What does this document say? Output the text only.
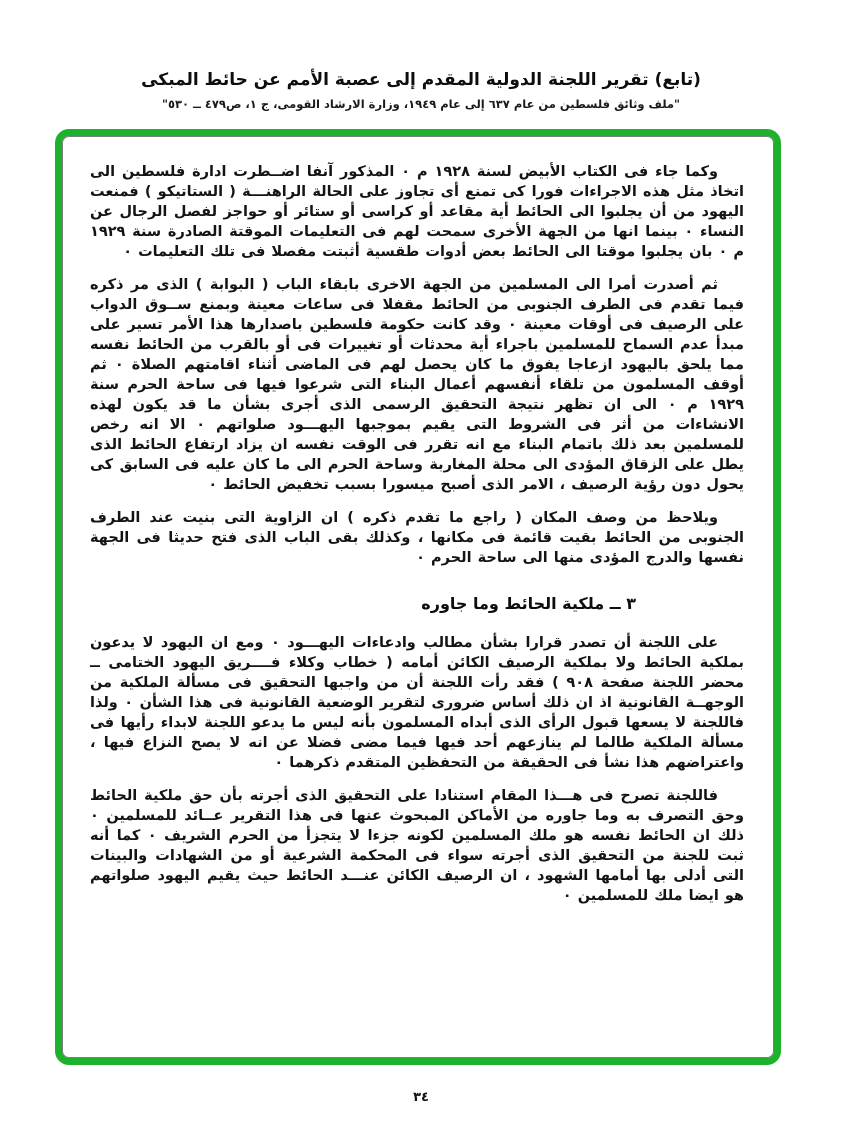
(تابع) تقرير اللجنة الدولية المقدم إلى عصبة الأمم عن حائط المبكى
"ملف وثائق فلسطين من عام ٦٣٧ إلى عام ١٩٤٩، وزارة الارشاد القومى، ج ١، ص٤٧٩ ــ ٥٣٠"

وكما جاء فى الكتاب الأبيض لسنة ١٩٢٨ م ٠ المذكور آنفا اضــطرت ادارة فلسطين الى اتخاذ مثل هذه الاجراءات فورا كى تمنع أى تجاوز على الحالة الراهنـــة ( الستاتيكو ) فمنعت اليهود من أن يجلبوا الى الحائط أية مقاعد أو كراسى أو ستائر أو حواجز لفصل الرجال عن النساء ٠ بينما انها من الجهة الأخرى سمحت لهم فى التعليمات الموقتة الصادرة سنة ١٩٢٩ م ٠ بان يجلبوا موقتا الى الحائط بعض أدوات طقسية أثبتت مفصلا فى تلك التعليمات ٠

ثم أصدرت أمرا الى المسلمين من الجهة الاخرى بابقاء الباب ( البوابة ) الذى مر ذكره فيما تقدم فى الطرف الجنوبى من الحائط مقفلا فى ساعات معينة وبمنع ســوق الدواب على الرصيف فى أوقات معينة ٠ وقد كانت حكومة فلسطين باصدارها هذا الأمر تسير على مبدأ عدم السماح للمسلمين باجراء أية محدثات أو تغييرات فى أو بالقرب من الحائط نفسه مما يلحق باليهود ازعاجا يفوق ما كان يحصل لهم فى الماضى أثناء اقامتهم الصلاة ٠ ثم أوقف المسلمون من تلقاء أنفسهم أعمال البناء التى شرعوا فيها فى ساحة الحرم سنة ١٩٢٩ م ٠ الى ان تظهر نتيجة التحقيق الرسمى الذى أجرى بشأن ما قد يكون لهذه الانشاءات من أثر فى الشروط التى يقيم بموجبها اليهـــود صلواتهم ٠ الا انه رخص للمسلمين بعد ذلك باتمام البناء مع انه تقرر فى الوقت نفسه ان يزاد ارتفاع الحائط الذى يطل على الزقاق المؤدى الى محلة المغاربة وساحة الحرم الى ما كان عليه فى السابق كى يحول دون رؤية الرصيف ، الامر الذى أصبح ميسورا بسبب تخفيض الحائط ٠

ويلاحظ من وصف المكان ( راجع ما تقدم ذكره ) ان الزاوية التى بنيت عند الطرف الجنوبى من الحائط بقيت قائمة فى مكانها ، وكذلك بقى الباب الذى فتح حديثا فى الجهة نفسها والدرج المؤدى منها الى ساحة الحرم ٠

٣ ــ ملكية الحائط وما جاوره

على اللجنة أن تصدر قرارا بشأن مطالب وادعاءات اليهـــود ٠ ومع ان اليهود لا يدعون بملكية الحائط ولا بملكية الرصيف الكائن أمامه ( خطاب وكلاء فــــريق اليهود الختامى ــ محضر اللجنة صفحة ٩٠٨ ) فقد رأت اللجنة أن من واجبها التحقيق فى مسألة الملكية من الوجهــة القانونية اذ ان ذلك أساس ضرورى لتقرير الوضعية القانونية فى هذا الشأن ٠ ولذا فاللجنة لا يسعها قبول الرأى الذى أبداه المسلمون بأنه ليس ما يدعو اللجنة لابداء رأيها فى مسألة الملكية طالما لم ينازعهم أحد فيها فيما مضى فضلا عن انه لا يصح النزاع فيها ، واعتراضهم هذا نشأ فى الحقيقة من التحفظين المتقدم ذكرهما ٠

فاللجنة تصرح فى هـــذا المقام استنادا على التحقيق الذى أجرته بأن حق ملكية الحائط وحق التصرف به وما جاوره من الأماكن المبحوث عنها فى هذا التقرير عــائد للمسلمين ٠ ذلك ان الحائط نفسه هو ملك المسلمين لكونه جزءا لا يتجزأ من الحرم الشريف ٠ كما أنه ثبت للجنة من التحقيق الذى أجرته سواء فى المحكمة الشرعية أو من الشهادات والبينات التى أدلى بها أمامها الشهود ، ان الرصيف الكائن عنـــد الحائط حيث يقيم اليهود صلواتهم هو ايضا ملك للمسلمين ٠

٣٤
